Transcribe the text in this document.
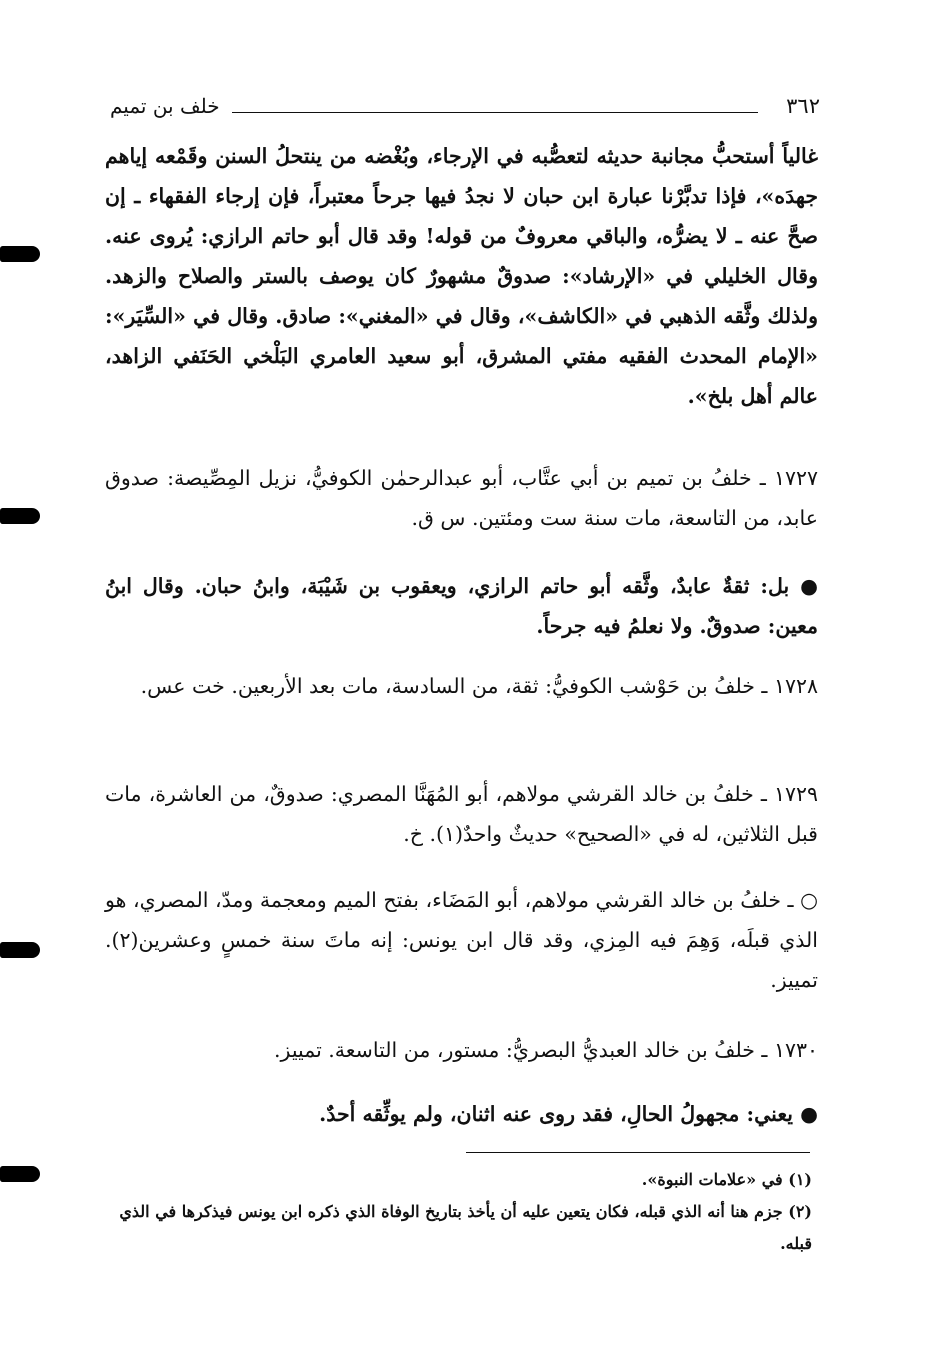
٣٦٢
خلف بن تميم

غالياً أستحبُّ مجانبة حديثه لتعصُّبه في الإرجاء، وبُغْضه من ينتحلُ السنن وقَمْعه إياهم جهدَه»، فإذا تدبَّرْنا عبارة ابن حبان لا نجدُ فيها جرحاً معتبراً، فإن إرجاء الفقهاء ـ إن صحَّ عنه ـ لا يضرُّه، والباقي معروفٌ من قوله! وقد قال أبو حاتم الرازي: يُروى عنه. وقال الخليلي في «الإرشاد»: صدوقٌ مشهورٌ كان يوصف بالستر والصلاح والزهد. ولذلك وثَّقه الذهبي في «الكاشف»، وقال في «المغني»: صادق. وقال في «السِّيَر»: «الإمام المحدث الفقيه مفتي المشرق، أبو سعيد العامري البَلْخي الحَنَفي الزاهد، عالم أهل بلخ».

١٧٢٧ ـ خلفُ بن تميم بن أبي عتَّاب، أبو عبدالرحمٰن الكوفيُّ، نزيل المِصِّيصة: صدوق عابد، من التاسعة، مات سنة ست ومئتين. س ق.

● بل: ثقةٌ عابدٌ، وثَّقه أبو حاتم الرازي، ويعقوب بن شَيْبَة، وابنُ حبان. وقال ابنُ معين: صدوقٌ. ولا نعلمُ فيه جرحاً.

١٧٢٨ ـ خلفُ بن حَوْشب الكوفيُّ: ثقة، من السادسة، مات بعد الأربعين. خت عس.

١٧٢٩ ـ خلفُ بن خالد القرشي مولاهم، أبو المُهَنَّا المصري: صدوقٌ، من العاشرة، مات قبل الثلاثين، له في «الصحيح» حديثٌ واحدٌ(١). خ.

○ ـ خلفُ بن خالد القرشي مولاهم، أبو المَضَاء، بفتح الميم ومعجمة ومدّ، المصري، هو الذي قبلَه، وَهِمَ فيه المِزي، وقد قال ابن يونس: إنه ماتَ سنة خمسٍ وعشرين(٢). تمييز.

١٧٣٠ ـ خلفُ بن خالد العبديُّ البصريُّ: مستور، من التاسعة. تمييز.

● يعني: مجهولُ الحالِ، فقد روى عنه اثنان، ولم يوثِّقه أحدٌ.

(١) في «علامات النبوة».

(٢) جزم هنا أنه الذي قبله، فكان يتعين عليه أن يأخذ بتاريخ الوفاة الذي ذكره ابن يونس فيذكرها في الذي قبله.
